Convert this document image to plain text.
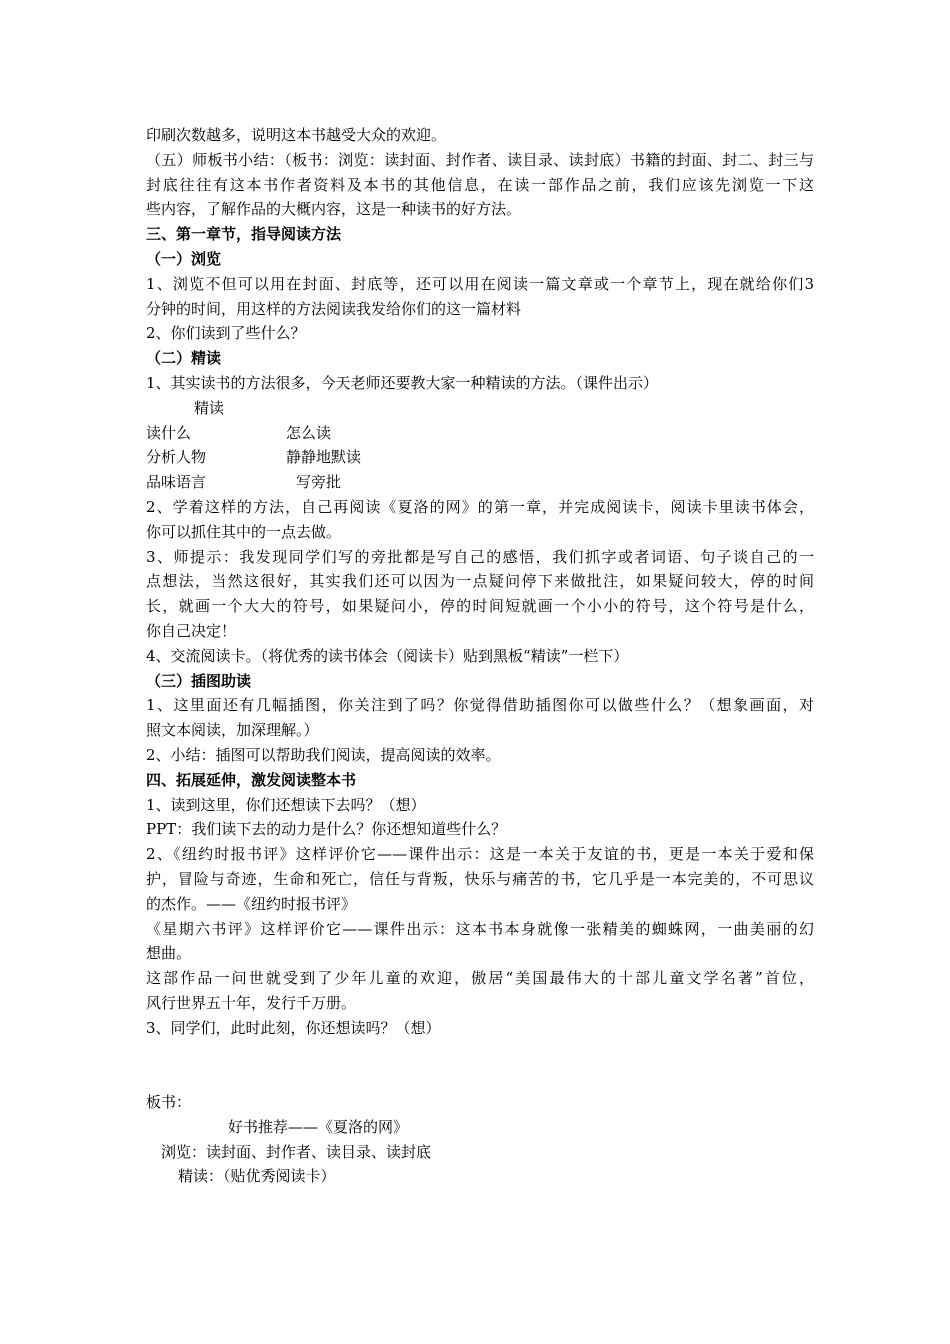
印刷次数越多，说明这本书越受大众的欢迎。
（五）师板书小结：（板书：浏览：读封面、封作者、读目录、读封底）书籍的封面、封二、封三与
封底往往有这本书作者资料及本书的其他信息，在读一部作品之前，我们应该先浏览一下这
些内容，了解作品的大概内容，这是一种读书的好方法。
三、第一章节，指导阅读方法
（一）浏览
1、浏览不但可以用在封面、封底等，还可以用在阅读一篇文章或一个章节上，现在就给你们3
分钟的时间，用这样的方法阅读我发给你们的这一篇材料
2、你们读到了些什么？
（二）精读
1、其实读书的方法很多，今天老师还要教大家一种精读的方法。（课件出示）
精读
读什么	怎么读
分析人物	静静地默读
品味语言	写旁批
2、学着这样的方法，自己再阅读《夏洛的网》的第一章，并完成阅读卡，阅读卡里读书体会，
你可以抓住其中的一点去做。
3、师提示：我发现同学们写的旁批都是写自己的感悟，我们抓字或者词语、句子谈自己的一
点想法，当然这很好，其实我们还可以因为一点疑问停下来做批注，如果疑问较大，停的时间
长，就画一个大大的符号，如果疑问小，停的时间短就画一个小小的符号，这个符号是什么，
你自己决定！
4、交流阅读卡。（将优秀的读书体会（阅读卡）贴到黑板“精读”一栏下）
（三）插图助读
1、这里面还有几幅插图，你关注到了吗？你觉得借助插图你可以做些什么？（想象画面，对
照文本阅读，加深理解。）
2、小结：插图可以帮助我们阅读，提高阅读的效率。
四、拓展延伸，激发阅读整本书
1、读到这里，你们还想读下去吗？（想）
PPT：我们读下去的动力是什么？你还想知道些什么？
2、《纽约时报书评》这样评价它——课件出示：这是一本关于友谊的书，更是一本关于爱和保
护，冒险与奇迹，生命和死亡，信任与背叛，快乐与痛苦的书，它几乎是一本完美的，不可思议
的杰作。——《纽约时报书评》
《星期六书评》这样评价它——课件出示：这本书本身就像一张精美的蜘蛛网，一曲美丽的幻
想曲。
这部作品一问世就受到了少年儿童的欢迎，傲居“美国最伟大的十部儿童文学名著”首位，
风行世界五十年，发行千万册。
3、同学们，此时此刻，你还想读吗？（想）
板书：
好书推荐——《夏洛的网》
浏览：读封面、封作者、读目录、读封底
精读：（贴优秀阅读卡）
